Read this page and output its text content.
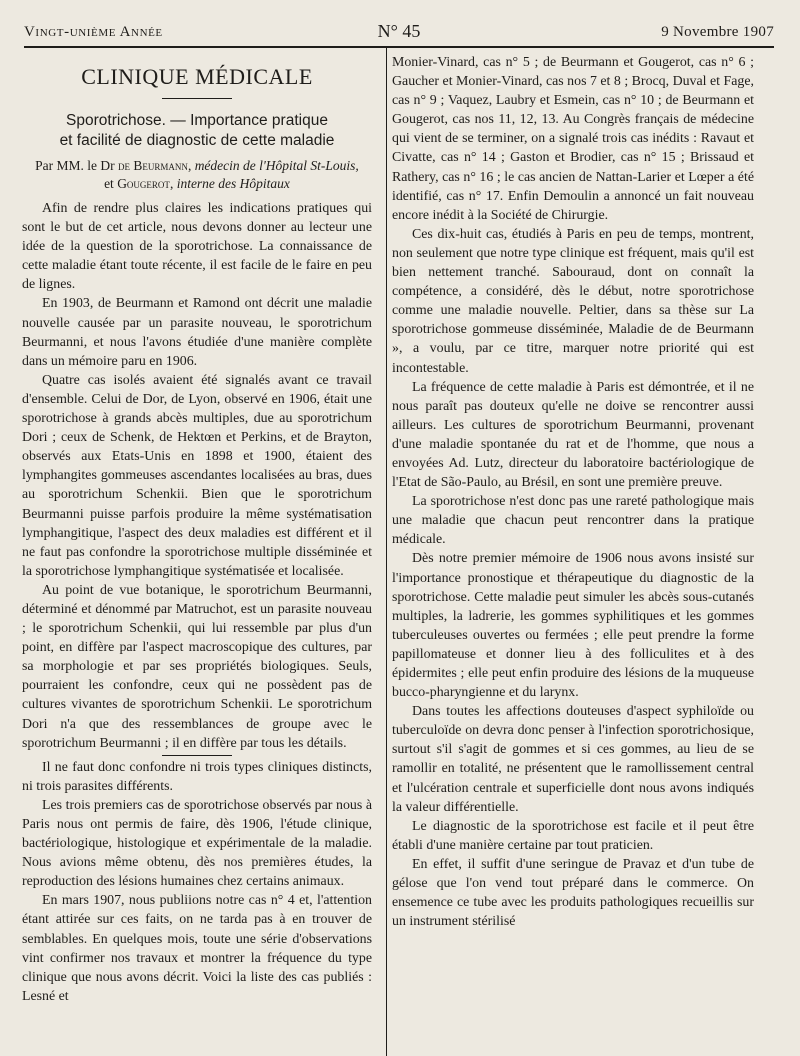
Vingt-unième Année	N° 45	9 Novembre 1907
CLINIQUE MÉDICALE
Sporotrichose. — Importance pratique
et facilité de diagnostic de cette maladie
Par MM. le Dr de Beurmann, médecin de l'Hôpital St-Louis,
et Gougerot, interne des Hôpitaux

Afin de rendre plus claires les indications pratiques qui sont le but de cet article, nous devons donner au lecteur une idée de la question de la sporotrichose. La connaissance de cette maladie étant toute récente, il est facile de le faire en peu de lignes.

En 1903, de Beurmann et Ramond ont décrit une maladie nouvelle causée par un parasite nouveau, le sporotrichum Beurmanni, et nous l'avons étudiée d'une manière complète dans un mémoire paru en 1906.

Quatre cas isolés avaient été signalés avant ce travail d'ensemble. Celui de Dor, de Lyon, observé en 1906, était une sporotrichose à grands abcès multiples, due au sporotrichum Dori ; ceux de Schenk, de Hektœn et Perkins, et de Brayton, observés aux Etats-Unis en 1898 et 1900, étaient des lymphangites gommeuses ascendantes localisées au bras, dues au sporotrichum Schenkii. Bien que le sporotrichum Beurmanni puisse parfois produire la même systématisation lymphangitique, l'aspect des deux maladies est différent et il ne faut pas confondre la sporotrichose multiple disséminée et la sporotrichose lymphangitique systématisée et localisée.

Au point de vue botanique, le sporotrichum Beurmanni, déterminé et dénommé par Matruchot, est un parasite nouveau ; le sporotrichum Schenkii, qui lui ressemble par plus d'un point, en diffère par l'aspect macroscopique des cultures, par sa morphologie et par ses propriétés biologiques. Seuls, pourraient les confondre, ceux qui ne possèdent pas de cultures vivantes de sporotrichum Schenkii. Le sporotrichum Dori n'a que des ressemblances de groupe avec le sporotrichum Beurmanni ; il en diffère par tous les détails.

Il ne faut donc confondre ni trois types cliniques distincts, ni trois parasites différents.

Les trois premiers cas de sporotrichose observés par nous à Paris nous ont permis de faire, dès 1906, l'étude clinique, bactériologique, histologique et expérimentale de la maladie. Nous avions même obtenu, dès nos premières études, la reproduction des lésions humaines chez certains animaux.

En mars 1907, nous publiions notre cas n° 4 et, l'attention étant attirée sur ces faits, on ne tarda pas à en trouver de semblables. En quelques mois, toute une série d'observations vint confirmer nos travaux et montrer la fréquence du type clinique que nous avons décrit. Voici la liste des cas publiés : Lesné et

Monier-Vinard, cas n° 5 ; de Beurmann et Gougerot, cas n° 6 ; Gaucher et Monier-Vinard, cas nos 7 et 8 ; Brocq, Duval et Fage, cas n° 9 ; Vaquez, Laubry et Esmein, cas n° 10 ; de Beurmann et Gougerot, cas nos 11, 12, 13. Au Congrès français de médecine qui vient de se terminer, on a signalé trois cas inédits : Ravaut et Civatte, cas n° 14 ; Gaston et Brodier, cas n° 15 ; Brissaud et Rathery, cas n° 16 ; le cas ancien de Nattan-Larier et Lœper a été identifié, cas n° 17. Enfin Demoulin a annoncé un fait nouveau encore inédit à la Société de Chirurgie.

Ces dix-huit cas, étudiés à Paris en peu de temps, montrent, non seulement que notre type clinique est fréquent, mais qu'il est bien nettement tranché. Sabouraud, dont on connaît la compétence, a considéré, dès le début, notre sporotrichose comme une maladie nouvelle. Peltier, dans sa thèse sur La sporotrichose gommeuse disséminée, Maladie de de Beurmann », a voulu, par ce titre, marquer notre priorité qui est incontestable.

La fréquence de cette maladie à Paris est démontrée, et il ne nous paraît pas douteux qu'elle ne doive se rencontrer aussi ailleurs. Les cultures de sporotrichum Beurmanni, provenant d'une maladie spontanée du rat et de l'homme, que nous a envoyées Ad. Lutz, directeur du laboratoire bactériologique de l'Etat de São-Paulo, au Brésil, en sont une première preuve.

La sporotrichose n'est donc pas une rareté pathologique mais une maladie que chacun peut rencontrer dans la pratique médicale.

Dès notre premier mémoire de 1906 nous avons insisté sur l'importance pronostique et thérapeutique du diagnostic de la sporotrichose. Cette maladie peut simuler les abcès sous-cutanés multiples, la ladrerie, les gommes syphilitiques et les gommes tuberculeuses ouvertes ou fermées ; elle peut prendre la forme papillomateuse et donner lieu à des folliculites et à des épidermites ; elle peut enfin produire des lésions de la muqueuse bucco-pharyngienne et du larynx.

Dans toutes les affections douteuses d'aspect syphiloïde ou tuberculoïde on devra donc penser à l'infection sporotrichosique, surtout s'il s'agit de gommes et si ces gommes, au lieu de se ramollir en totalité, ne présentent que le ramollissement central et l'ulcération centrale et superficielle dont nous avons indiqués la valeur différentielle.

Le diagnostic de la sporotrichose est facile et il peut être établi d'une manière certaine par tout praticien.

En effet, il suffit d'une seringue de Pravaz et d'un tube de gélose que l'on vend tout préparé dans le commerce. On ensemence ce tube avec les produits pathologiques recueillis sur un instrument stérilisé
